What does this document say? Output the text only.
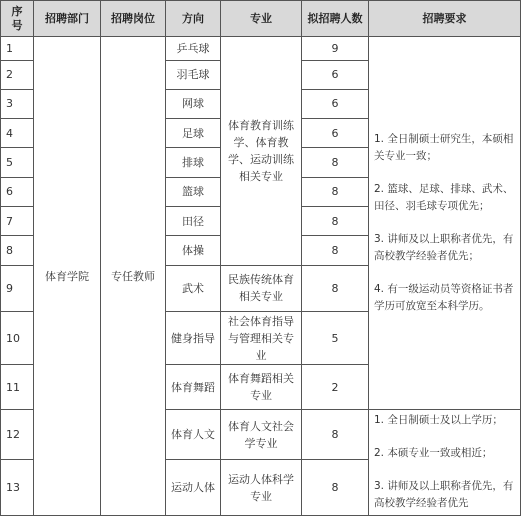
序号	招聘部门	招聘岗位	方向	专业	拟招聘人数	招聘要求
1	体育学院	专任教师	乒乓球	体育教育训练学、体育教学、运动训练相关专业	9	1. 全日制硕士研究生，本硕相关专业一致；

2. 篮球、足球、排球、武术、田径、羽毛球专项优先；

3. 讲师及以上职称者优先，有高校教学经验者优先；

4. 有一级运动员等资格证书者学历可放宽至本科学历。

2			羽毛球		6	
3			网球		6	
4			足球		6	
5			排球		8	
6			篮球		8	
7			田径		8	
8			体操		8	
9			武术	民族传统体育相关专业	8	
10			健身指导	社会体育指导与管理相关专业	5	
11			体育舞蹈	体育舞蹈相关专业	2	
12			体育人文	体育人文社会学专业	8	1. 全日制硕士及以上学历；

2. 本硕专业一致或相近；

3. 讲师及以上职称者优先，有高校教学经验者优先

13			运动人体	运动人体科学专业	8	
